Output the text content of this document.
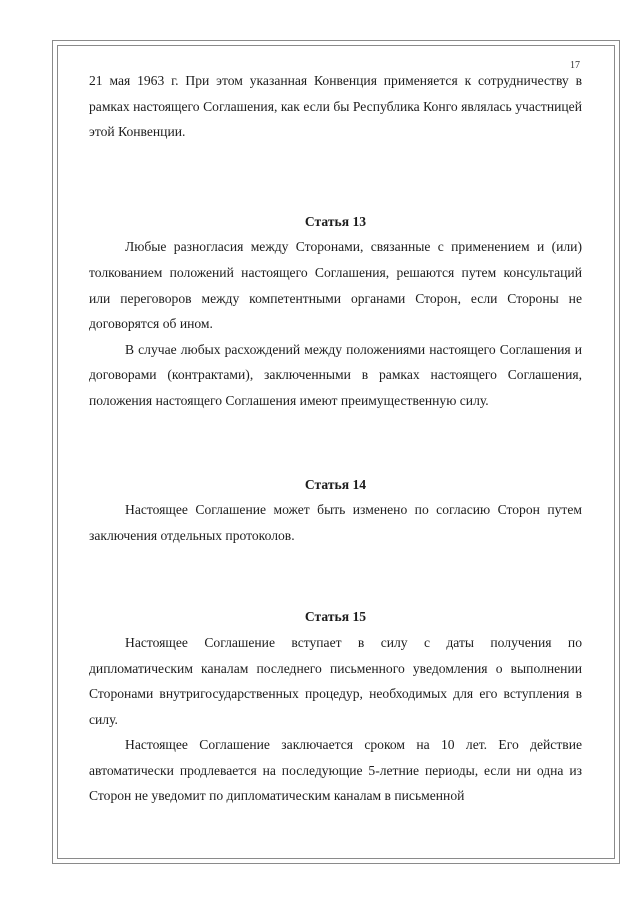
17

21 мая 1963 г. При этом указанная Конвенция применяется к сотрудничеству в рамках настоящего Соглашения, как если бы Республика Конго являлась участницей этой Конвенции.

Статья 13

Любые разногласия между Сторонами, связанные с применением и (или) толкованием положений настоящего Соглашения, решаются путем консультаций или переговоров между компетентными органами Сторон, если Стороны не договорятся об ином.

В случае любых расхождений между положениями настоящего Соглашения и договорами (контрактами), заключенными в рамках настоящего Соглашения, положения настоящего Соглашения имеют преимущественную силу.

Статья 14

Настоящее Соглашение может быть изменено по согласию Сторон путем заключения отдельных протоколов.

Статья 15

Настоящее Соглашение вступает в силу с даты получения по дипломатическим каналам последнего письменного уведомления о выполнении Сторонами внутригосударственных процедур, необходимых для его вступления в силу.

Настоящее Соглашение заключается сроком на 10 лет. Его действие автоматически продлевается на последующие 5-летние периоды, если ни одна из Сторон не уведомит по дипломатическим каналам в письменной
